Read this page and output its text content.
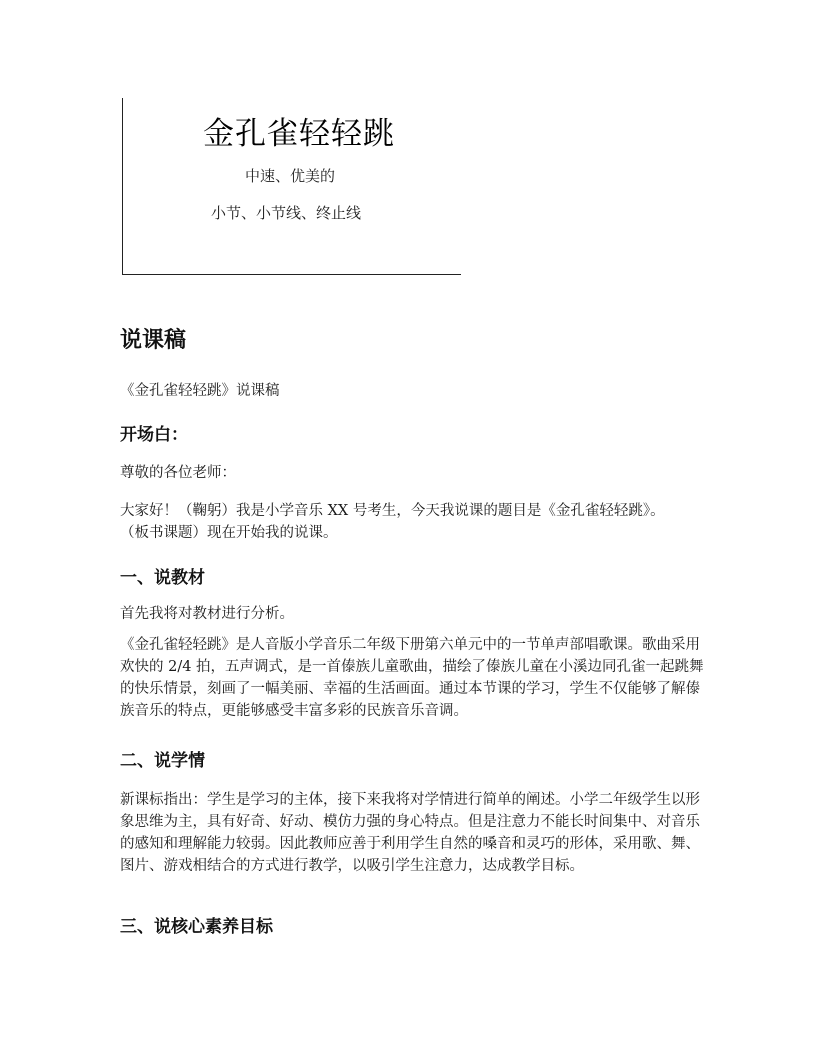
金孔雀轻轻跳
中速、优美的
小节、小节线、终止线
说课稿

《金孔雀轻轻跳》说课稿

开场白：

尊敬的各位老师：

大家好！（鞠躬）我是小学音乐 XX 号考生，今天我说课的题目是《金孔雀轻轻跳》。（板书课题）现在开始我的说课。

一、说教材

首先我将对教材进行分析。

《金孔雀轻轻跳》是人音版小学音乐二年级下册第六单元中的一节单声部唱歌课。歌曲采用欢快的 2/4 拍，五声调式，是一首傣族儿童歌曲，描绘了傣族儿童在小溪边同孔雀一起跳舞的快乐情景，刻画了一幅美丽、幸福的生活画面。通过本节课的学习，学生不仅能够了解傣族音乐的特点，更能够感受丰富多彩的民族音乐音调。

二、说学情

新课标指出：学生是学习的主体，接下来我将对学情进行简单的阐述。小学二年级学生以形象思维为主，具有好奇、好动、模仿力强的身心特点。但是注意力不能长时间集中、对音乐的感知和理解能力较弱。因此教师应善于利用学生自然的嗓音和灵巧的形体，采用歌、舞、图片、游戏相结合的方式进行教学，以吸引学生注意力，达成教学目标。

三、说核心素养目标
